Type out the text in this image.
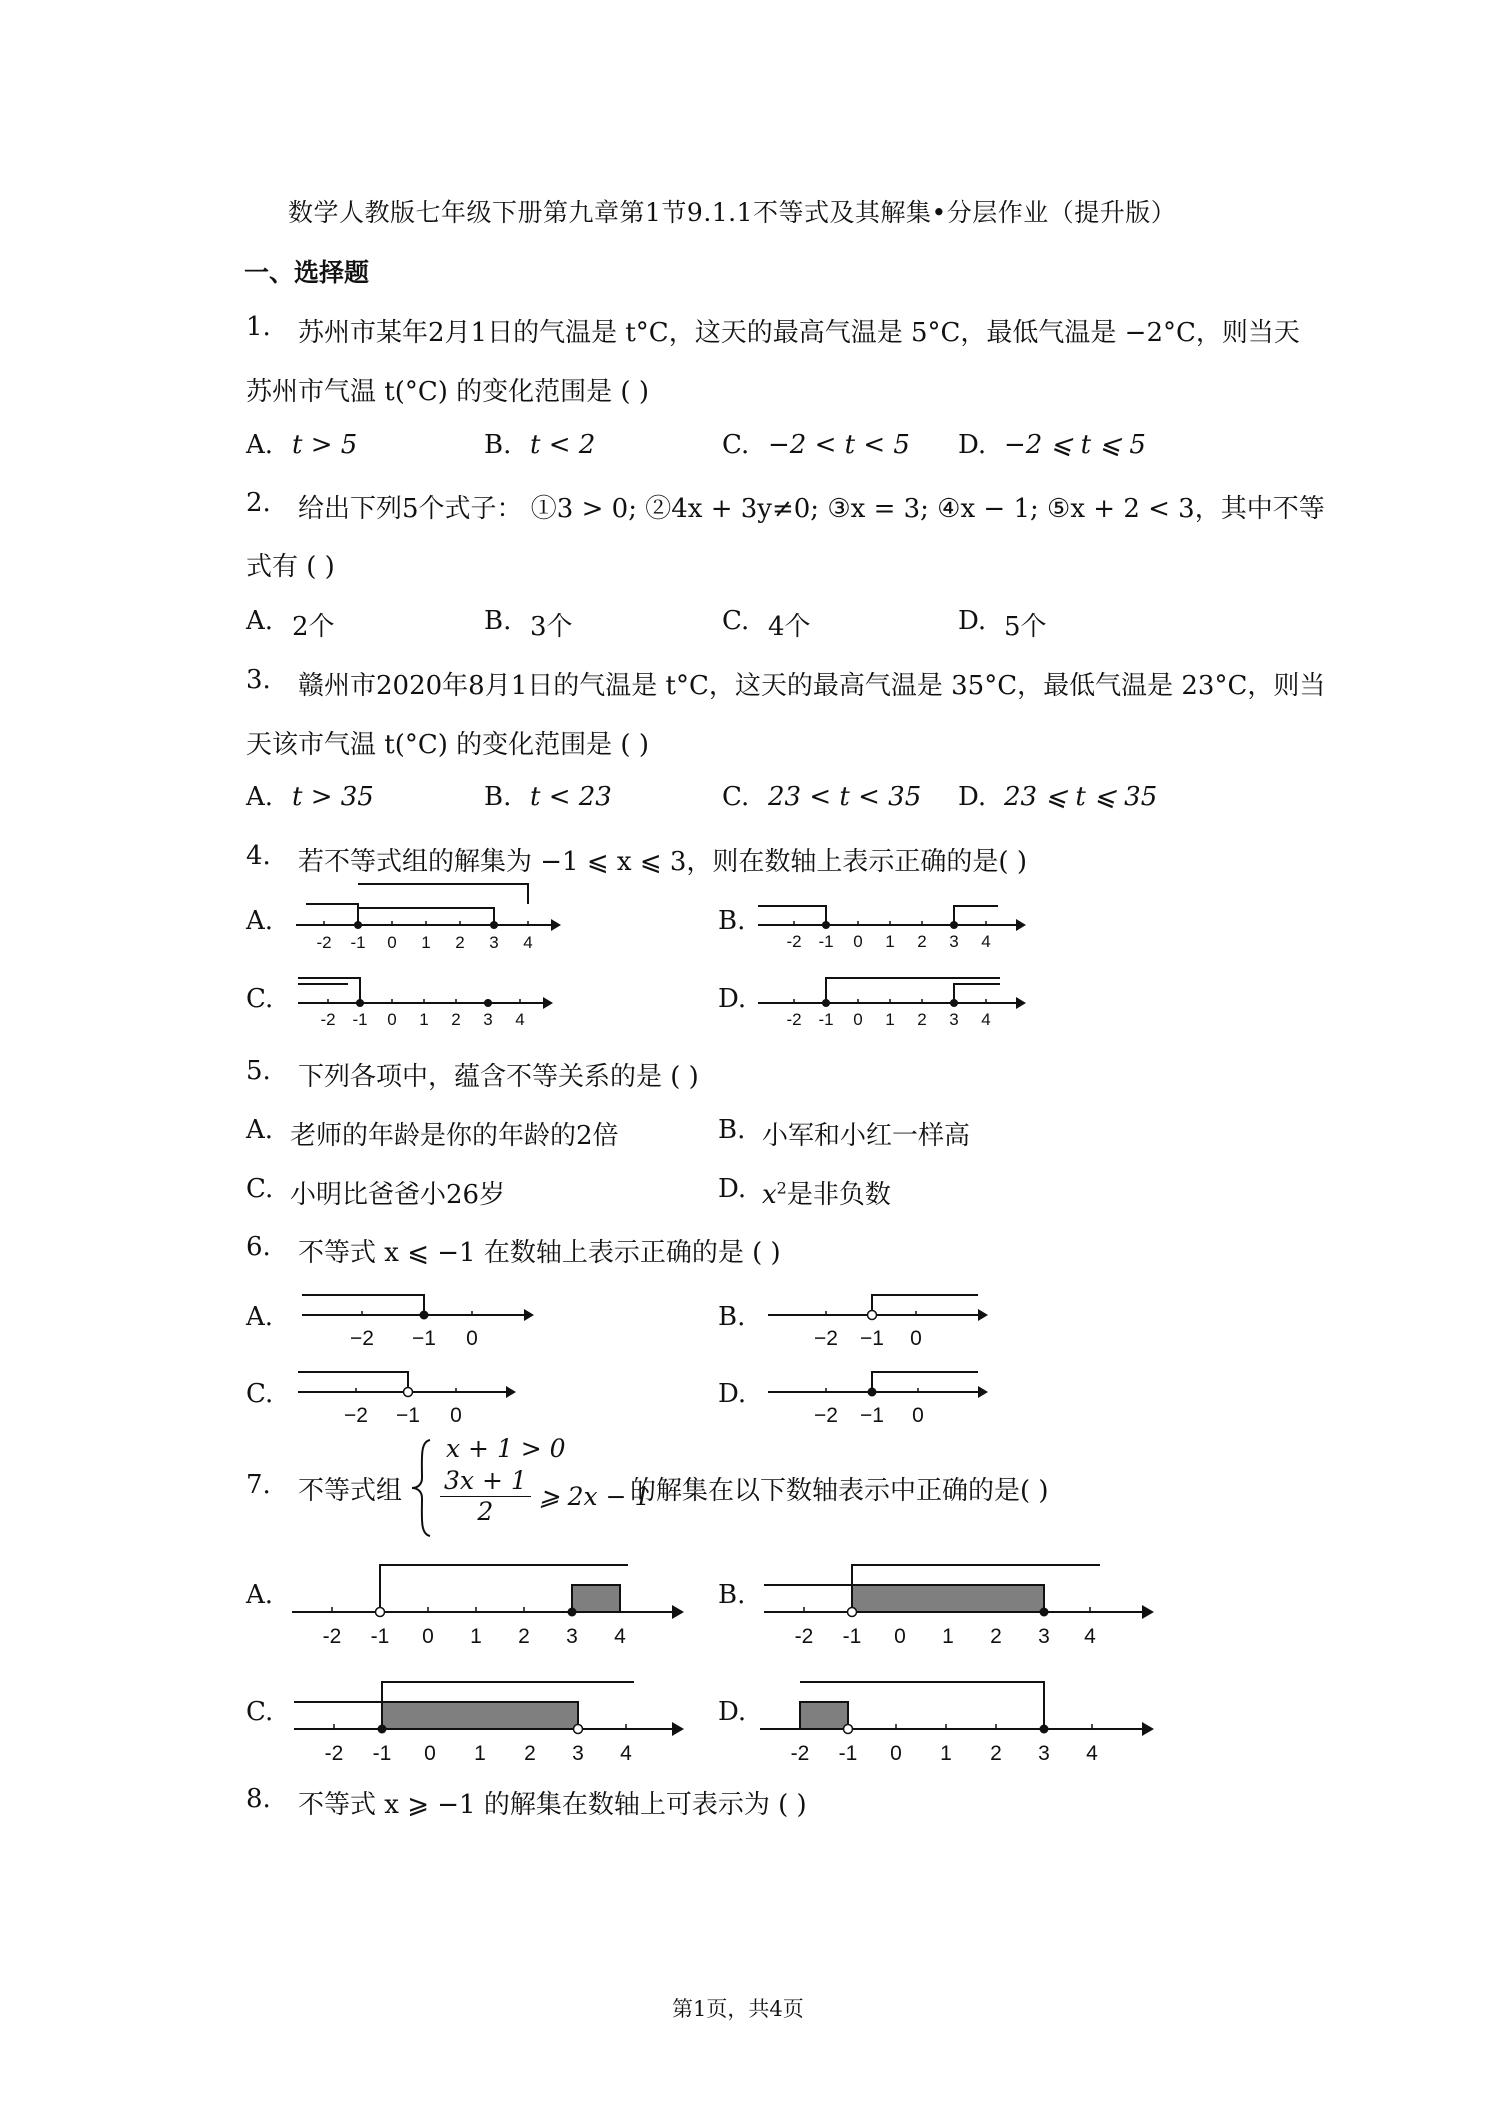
数学人教版七年级下册第九章第1节9.1.1不等式及其解集•分层作业（提升版）
一、选择题
1. 苏州市某年2月1日的气温是 t°C，这天的最高气温是 5°C，最低气温是 −2°C，则当天
苏州市气温 t(°C) 的变化范围是 ( )
A. t > 5	B. t < 2	C. −2 < t < 5 D. −2 ⩽ t ⩽ 5
2. 给出下列5个式子： ①3 > 0; ②4x + 3y≠0; ③x = 3; ④x − 1; ⑤x + 2 < 3，其中不等
式有 ( )
A. 2个	B. 3个	C. 4个	D. 5个
3. 赣州市2020年8月1日的气温是 t°C，这天的最高气温是 35°C，最低气温是 23°C，则当
天该市气温 t(°C) 的变化范围是 ( )
A. t > 35	B. t < 23	C. 23 < t < 35 D. 23 ⩽ t ⩽ 35
4. 若不等式组的解集为 −1 ⩽ x ⩽ 3，则在数轴上表示正确的是( )
A.	B.
C.	D.
-2 -1 0 1 2 3 4	-2 -1 0 1 2 3 4
-2 -1 0 1 2 3 4	-2 -1 0 1 2 3 4
5. 下列各项中，蕴含不等关系的是 ( )
A. 老师的年龄是你的年龄的2倍	B. 小军和小红一样高
C. 小明比爸爸小26岁	D. $x^2$是非负数
6. 不等式 x ⩽ −1 在数轴上表示正确的是 ( )
A.	B.
C.	D.
−2 −1 0	−2 −1 0
−2 −1 0	−2 −1 0
7. 不等式组
x + 1 > 0
$\frac{3x + 1}{2}$ ⩾ 2x − 1
的解集在以下数轴表示中正确的是( )
A.	B.
C.	D.
-2 -1 0 1 2 3 4	-2 -1 0 1 2 3 4
-2 -1 0 1 2 3 4	-2 -1 0 1 2 3 4
8. 不等式 x ⩾ −1 的解集在数轴上可表示为 ( )
第1页，共4页
